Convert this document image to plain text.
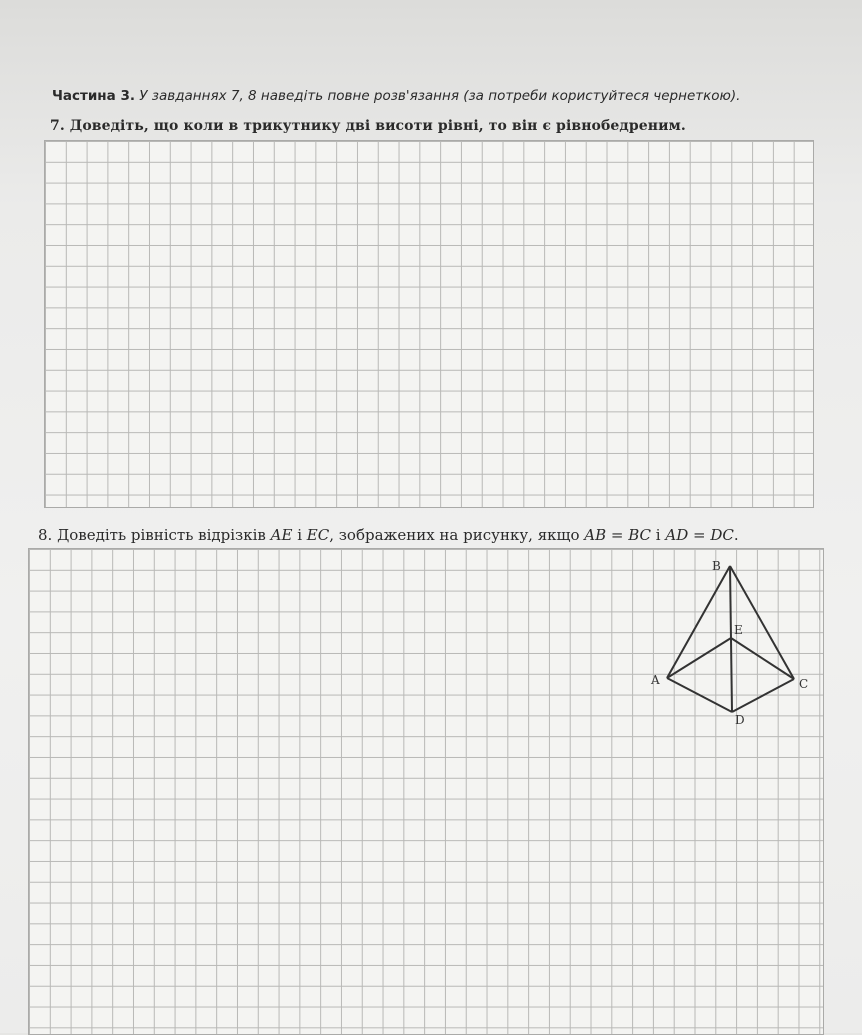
Частина 3. У завданнях 7, 8 наведіть повне розв'язання (за потреби користуйтеся чернеткою).
7. Доведіть, що коли в трикутнику дві висоти рівні, то він є рівнобедреним.
8. Доведіть рівність відрізків AE і EC, зображених на рисунку, якщо AB = BC і AD = DC.
B
E
A	C
D
